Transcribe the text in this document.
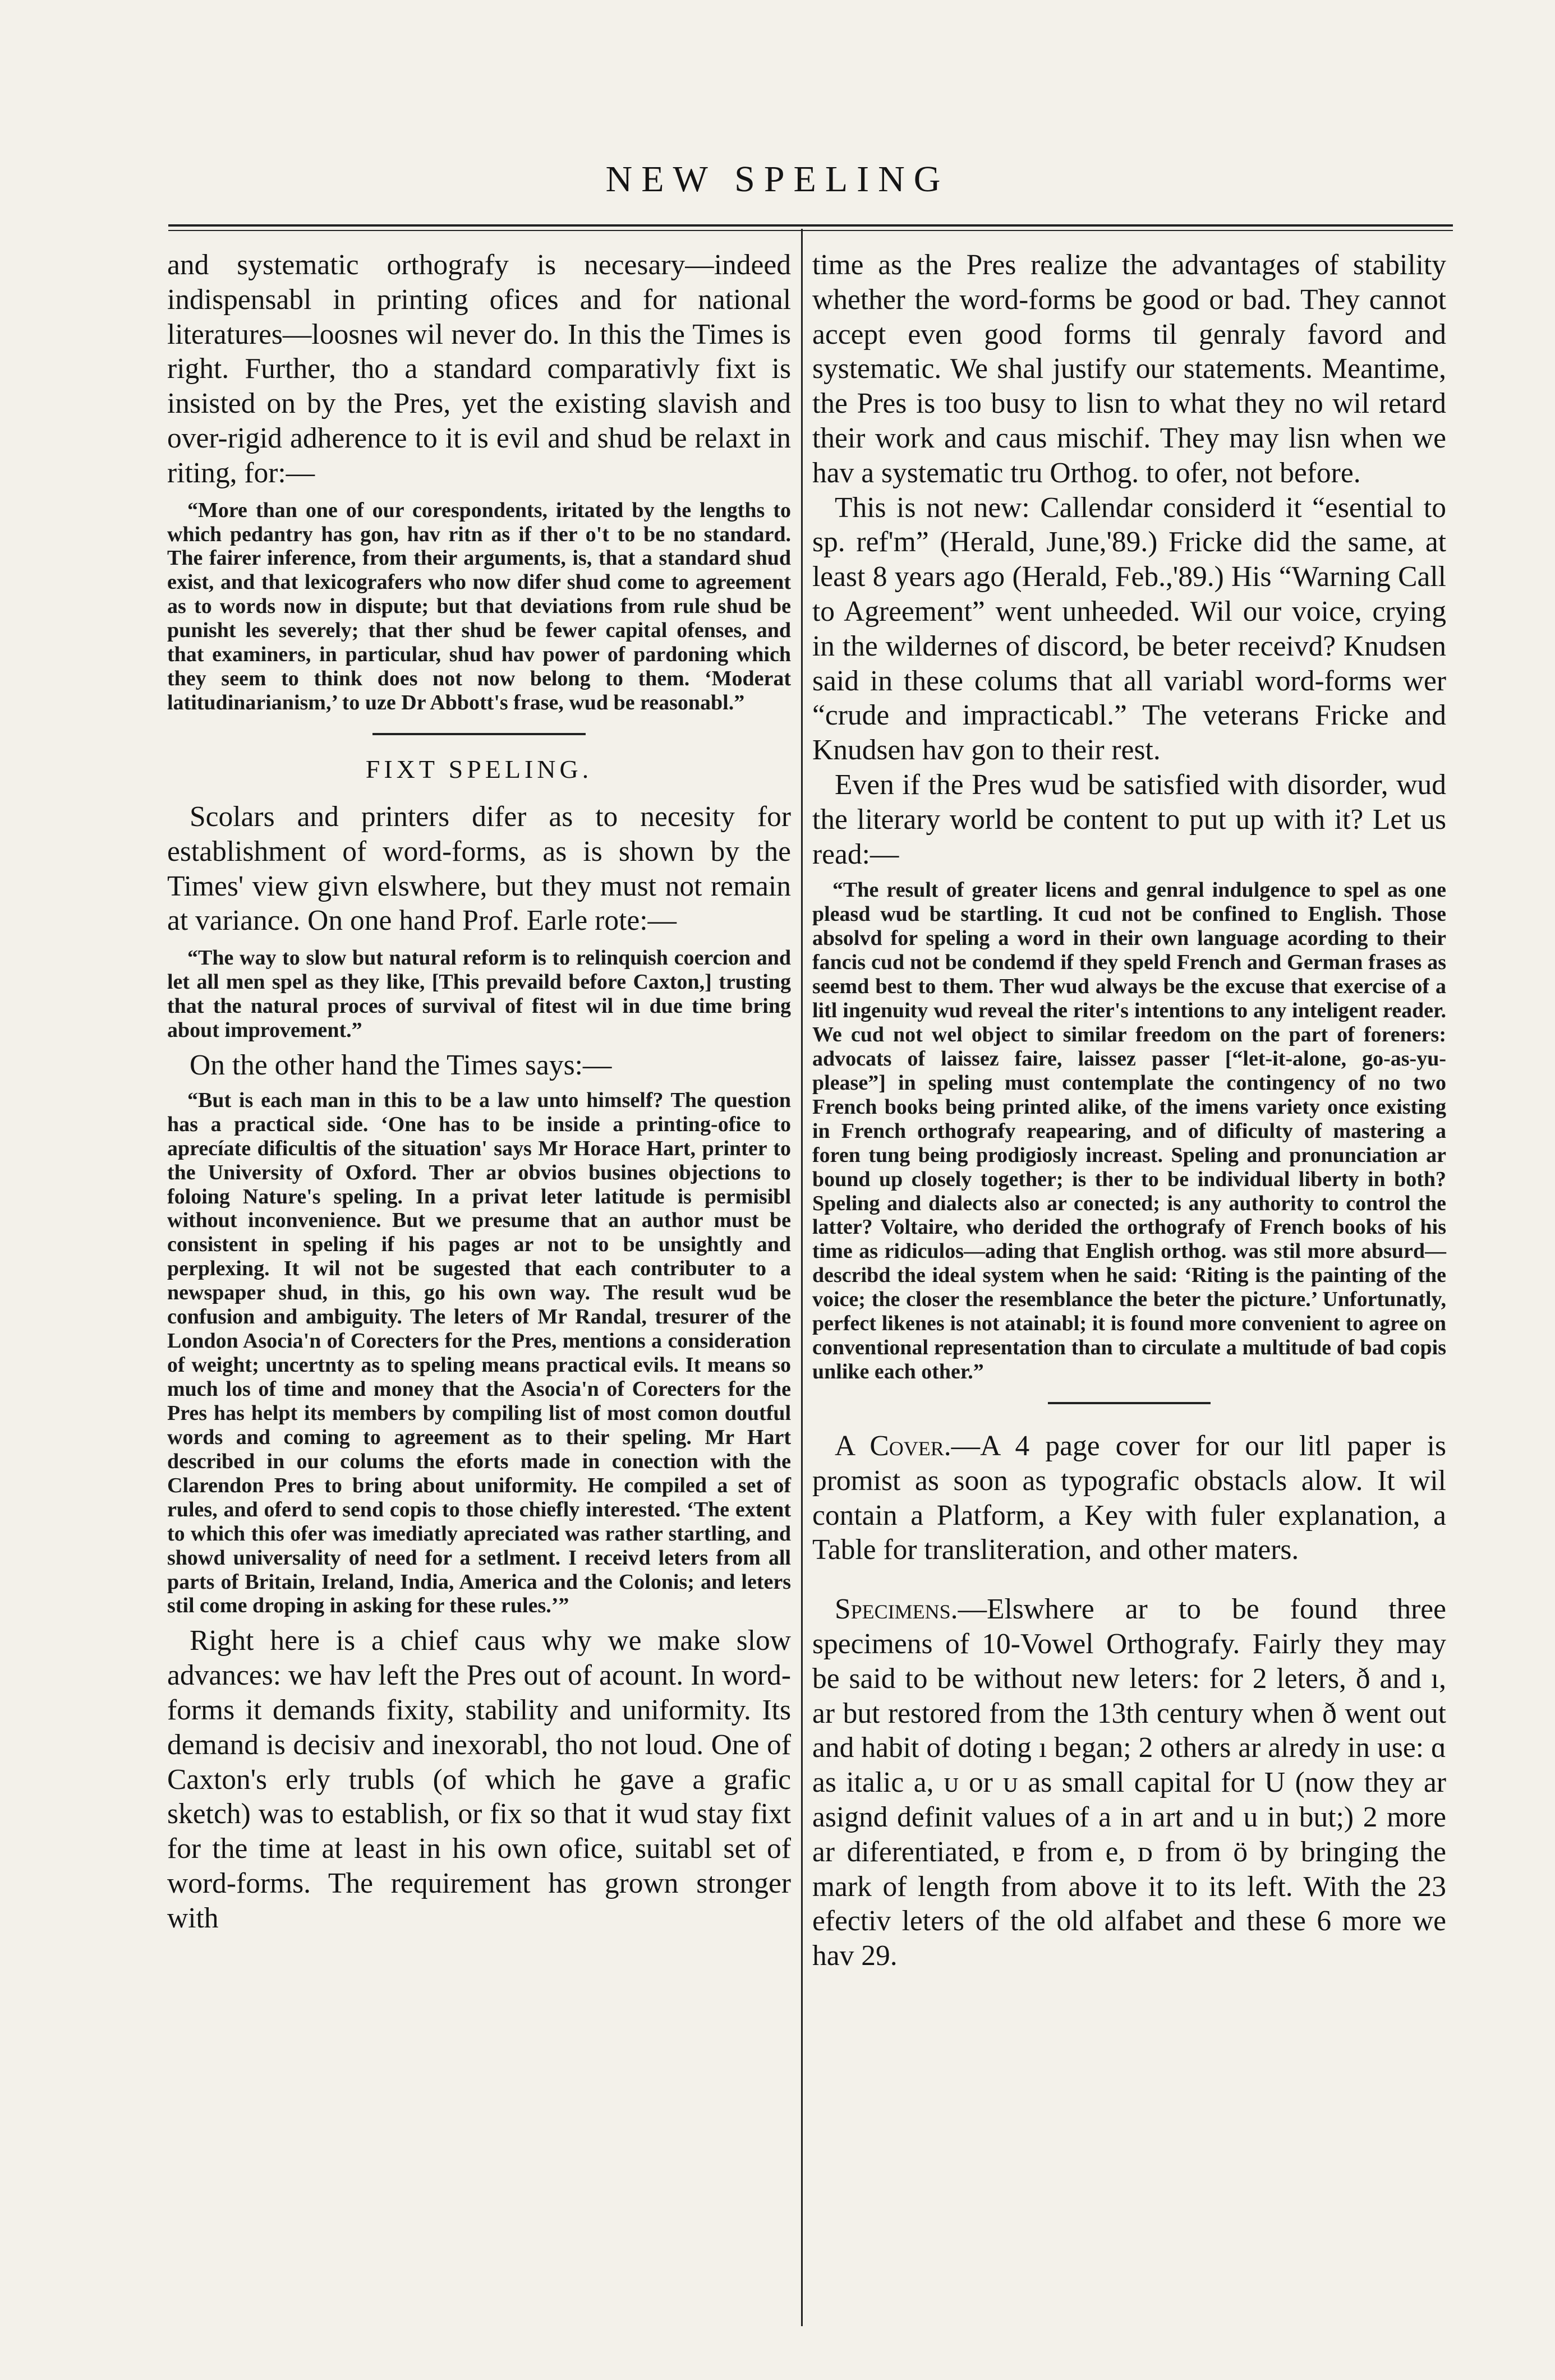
NEW SPELING

and systematic orthografy is necesary—indeed indispensabl in printing ofices and for national literatures—loosnes wil never do. In this the Times is right. Further, tho a standard comparativly fixt is insisted on by the Pres, yet the existing slavish and over-rigid adherence to it is evil and shud be relaxt in riting, for:—

“More than one of our corespondents, iritated by the lengths to which pedantry has gon, hav ritn as if ther o't to be no standard. The fairer inference, from their arguments, is, that a standard shud exist, and that lexicografers who now difer shud come to agreement as to words now in dispute; but that deviations from rule shud be punisht les severely; that ther shud be fewer capital ofenses, and that examiners, in particular, shud hav power of pardoning which they seem to think does not now belong to them. ‘Moderat latitudinarianism,’ to uze Dr Abbott's frase, wud be reasonabl.”

FIXT SPELING.

Scolars and printers difer as to necesity for establishment of word-forms, as is shown by the Times' view givn elswhere, but they must not remain at variance. On one hand Prof. Earle rote:—

“The way to slow but natural reform is to relinquish coercion and let all men spel as they like, [This prevaild before Caxton,] trusting that the natural proces of survival of fitest wil in due time bring about improvement.”

On the other hand the Times says:—

“But is each man in this to be a law unto himself? The question has a practical side. ‘One has to be inside a printing-ofice to aprecíate dificultis of the situation' says Mr Horace Hart, printer to the University of Oxford. Ther ar obvios busines objections to foloing Nature's speling. In a privat leter latitude is permisibl without inconvenience. But we presume that an author must be consistent in speling if his pages ar not to be unsightly and perplexing. It wil not be sugested that each contributer to a newspaper shud, in this, go his own way. The result wud be confusion and ambiguity. The leters of Mr Randal, tresurer of the London Asocia'n of Corecters for the Pres, mentions a consideration of weight; uncertnty as to speling means practical evils. It means so much los of time and money that the Asocia'n of Corecters for the Pres has helpt its members by compiling list of most comon doutful words and coming to agreement as to their speling. Mr Hart described in our colums the eforts made in conection with the Clarendon Pres to bring about uniformity. He compiled a set of rules, and oferd to send copis to those chiefly interested. ‘The extent to which this ofer was imediatly apreciated was rather startling, and showd universality of need for a setlment. I receivd leters from all parts of Britain, Ireland, India, America and the Colonis; and leters stil come droping in asking for these rules.’”

Right here is a chief caus why we make slow advances: we hav left the Pres out of acount. In word-forms it demands fixity, stability and uniformity. Its demand is decisiv and inexorabl, tho not loud. One of Caxton's erly trubls (of which he gave a grafic sketch) was to establish, or fix so that it wud stay fixt for the time at least in his own ofice, suitabl set of word-forms. The requirement has grown stronger with

time as the Pres realize the advantages of stability whether the word-forms be good or bad. They cannot accept even good forms til genraly favord and systematic. We shal justify our statements. Meantime, the Pres is too busy to lisn to what they no wil retard their work and caus mischif. They may lisn when we hav a systematic tru Orthog. to ofer, not before.

This is not new: Callendar considerd it “esential to sp. ref'm” (Herald, June,'89.) Fricke did the same, at least 8 years ago (Herald, Feb.,'89.) His “Warning Call to Agreement” went unheeded. Wil our voice, crying in the wildernes of discord, be beter receivd? Knudsen said in these colums that all variabl word-forms wer “crude and impracticabl.” The veterans Fricke and Knudsen hav gon to their rest.

Even if the Pres wud be satisfied with disorder, wud the literary world be content to put up with it? Let us read:—

“The result of greater licens and genral indulgence to spel as one pleasd wud be startling. It cud not be confined to English. Those absolvd for speling a word in their own language acording to their fancis cud not be condemd if they speld French and German frases as seemd best to them. Ther wud always be the excuse that exercise of a litl ingenuity wud reveal the riter's intentions to any inteligent reader. We cud not wel object to similar freedom on the part of foreners: advocats of laissez faire, laissez passer [“let-it-alone, go-as-yu-please”] in speling must contemplate the contingency of no two French books being printed alike, of the imens variety once existing in French orthografy reapearing, and of dificulty of mastering a foren tung being prodigiosly increast. Speling and pronunciation ar bound up closely together; is ther to be individual liberty in both? Speling and dialects also ar conected; is any authority to control the latter? Voltaire, who derided the orthografy of French books of his time as ridiculos—ading that English orthog. was stil more absurd—describd the ideal system when he said: ‘Riting is the painting of the voice; the closer the resemblance the beter the picture.’ Unfortunatly, perfect likenes is not atainabl; it is found more convenient to agree on conventional representation than to circulate a multitude of bad copis unlike each other.”

A Cover.—A 4 page cover for our litl paper is promist as soon as typografic obstacls alow. It wil contain a Platform, a Key with fuler explanation, a Table for transliteration, and other maters.

Specimens.—Elswhere ar to be found three specimens of 10-Vowel Orthografy. Fairly they may be said to be without new leters: for 2 leters, ð and ı, ar but restored from the 13th century when ð went out and habit of doting ı began; 2 others ar alredy in use: ɑ as italic a, ᴜ or ᴜ as small capital for U (now they ar asignd definit values of a in art and u in but;) 2 more ar diferentiated, ɐ from e, ᴅ from ö by bringing the mark of length from above it to its left. With the 23 efectiv leters of the old alfabet and these 6 more we hav 29.
